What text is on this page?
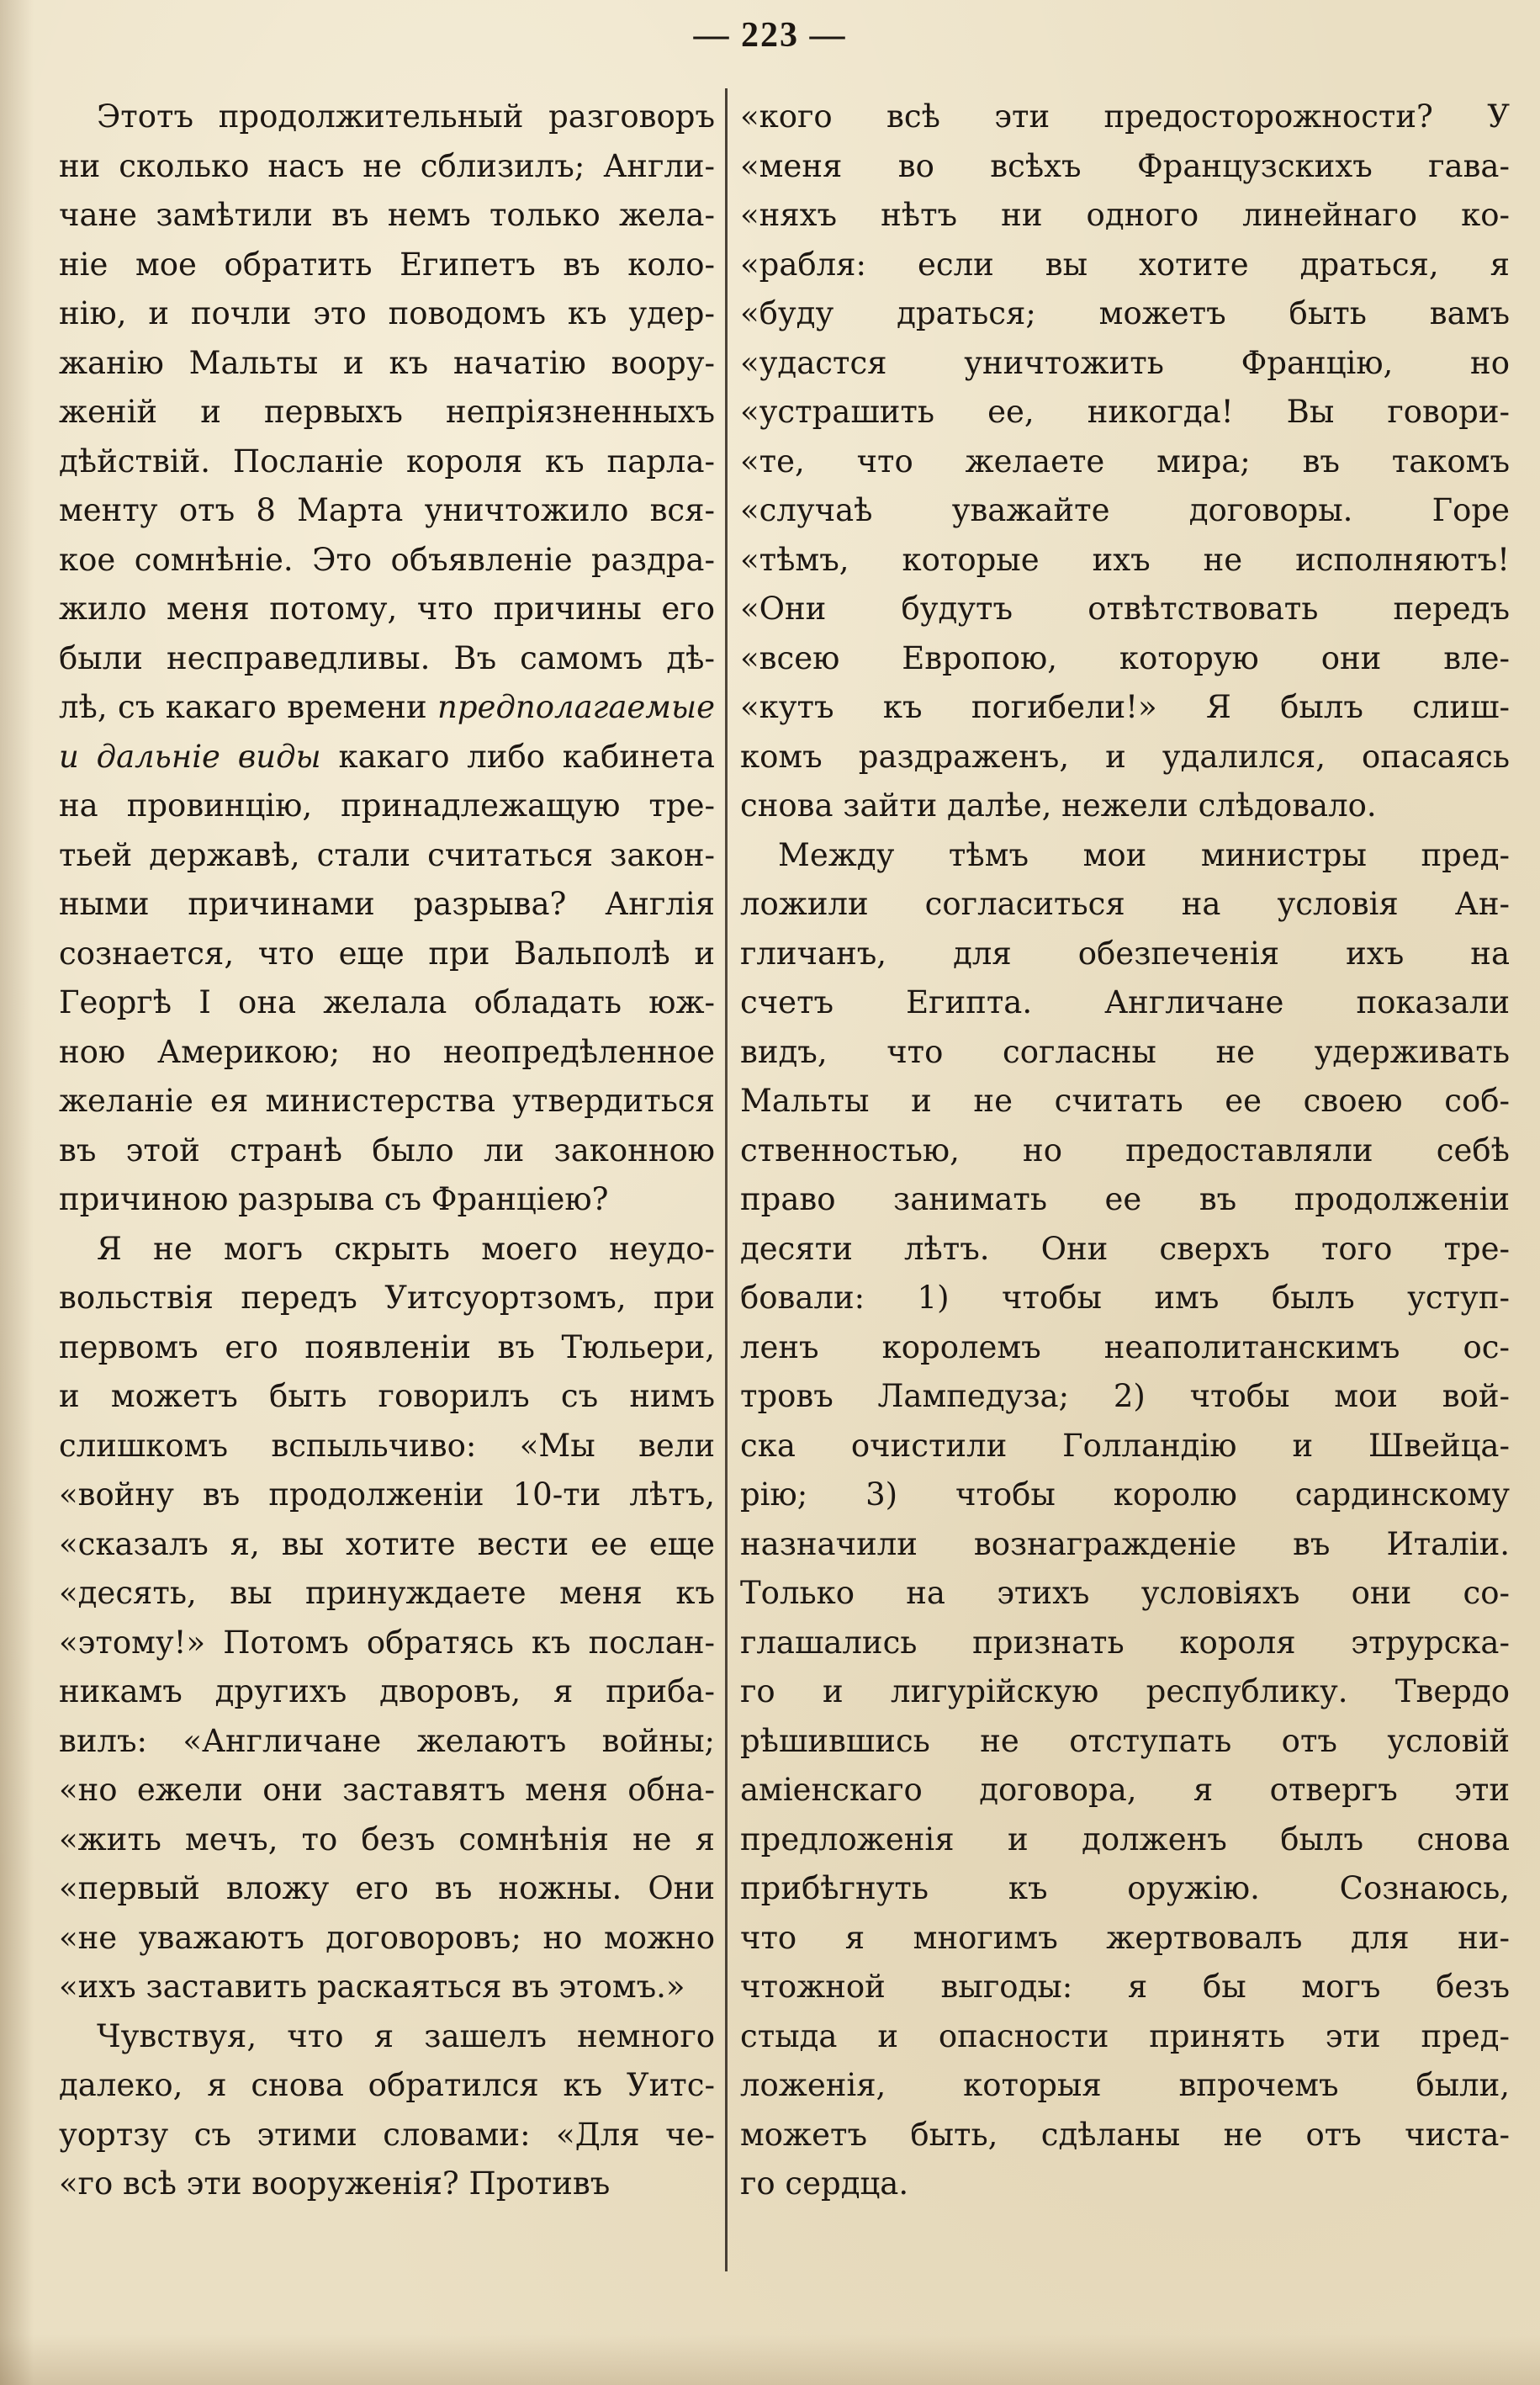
— 223 —
Этотъ продолжительный разговоръ
ни сколько насъ не сблизилъ; Англи-
чане замѣтили въ немъ только жела-
ніе мое обратить Египетъ въ коло-
нію, и почли это поводомъ къ удер-
жанію Мальты и къ начатію воору-
женій и первыхъ непріязненныхъ
дѣйствій. Посланіе короля къ парла-
менту отъ 8 Марта уничтожило вся-
кое сомнѣніе. Это объявленіе раздра-
жило меня потому, что причины его
были несправедливы. Въ самомъ дѣ-
лѣ, съ какаго времени предполагаемые
и дальніе виды какаго либо кабинета
на провинцію, принадлежащую тре-
тьей державѣ, стали считаться закон-
ными причинами разрыва? Англія
сознается, что еще при Вальполѣ и
Георгѣ I она желала обладать юж-
ною Америкою; но неопредѣленное
желаніе ея министерства утвердиться
въ этой странѣ было ли законною
причиною разрыва съ Франціею?
Я не могъ скрыть моего неудо-
вольствія передъ Уитсуортзомъ, при
первомъ его появленіи въ Тюльери,
и можетъ быть говорилъ съ нимъ
слишкомъ вспыльчиво: «Мы вели
«войну въ продолженіи 10-ти лѣтъ,
«сказалъ я, вы хотите вести ее еще
«десять, вы принуждаете меня къ
«этому!» Потомъ обратясь къ послан-
никамъ другихъ дворовъ, я приба-
вилъ: «Англичане желаютъ войны;
«но ежели они заставятъ меня обна-
«жить мечъ, то безъ сомнѣнія не я
«первый вложу его въ ножны. Они
«не уважаютъ договоровъ; но можно
«ихъ заставить раскаяться въ этомъ.»
Чувствуя, что я зашелъ немного
далеко, я снова обратился къ Уитс-
уортзу съ этими словами: «Для че-
«го всѣ эти вооруженія? Противъ
«кого всѣ эти предосторожности? У
«меня во всѣхъ Французскихъ гава-
«няхъ нѣтъ ни одного линейнаго ко-
«рабля: если вы хотите драться, я
«буду драться; можетъ быть вамъ
«удастся уничтожить Францію, но
«устрашить ее, никогда! Вы говори-
«те, что желаете мира; въ такомъ
«случаѣ уважайте договоры. Горе
«тѣмъ, которые ихъ не исполняютъ!
«Они будутъ отвѣтствовать передъ
«всею Европою, которую они вле-
«кутъ къ погибели!» Я былъ слиш-
комъ раздраженъ, и удалился, опасаясь
снова зайти далѣе, нежели слѣдовало.
Между тѣмъ мои министры пред-
ложили согласиться на условія Ан-
гличанъ, для обезпеченія ихъ на
счетъ Египта. Англичане показали
видъ, что согласны не удерживать
Мальты и не считать ее своею соб-
ственностью, но предоставляли себѣ
право занимать ее въ продолженіи
десяти лѣтъ. Они сверхъ того тре-
бовали: 1) чтобы имъ былъ уступ-
ленъ королемъ неаполитанскимъ ос-
тровъ Лампедуза; 2) чтобы мои вой-
ска очистили Голландію и Швейца-
рію; 3) чтобы королю сардинскому
назначили вознагражденіе въ Италіи.
Только на этихъ условіяхъ они со-
глашались признать короля этрурска-
го и лигурійскую республику. Твердо
рѣшившись не отступать отъ условій
аміенскаго договора, я отвергъ эти
предложенія и долженъ былъ снова
прибѣгнуть къ оружію. Сознаюсь,
что я многимъ жертвовалъ для ни-
чтожной выгоды: я бы могъ безъ
стыда и опасности принять эти пред-
ложенія, которыя впрочемъ были,
можетъ быть, сдѣланы не отъ чиста-
го сердца.
